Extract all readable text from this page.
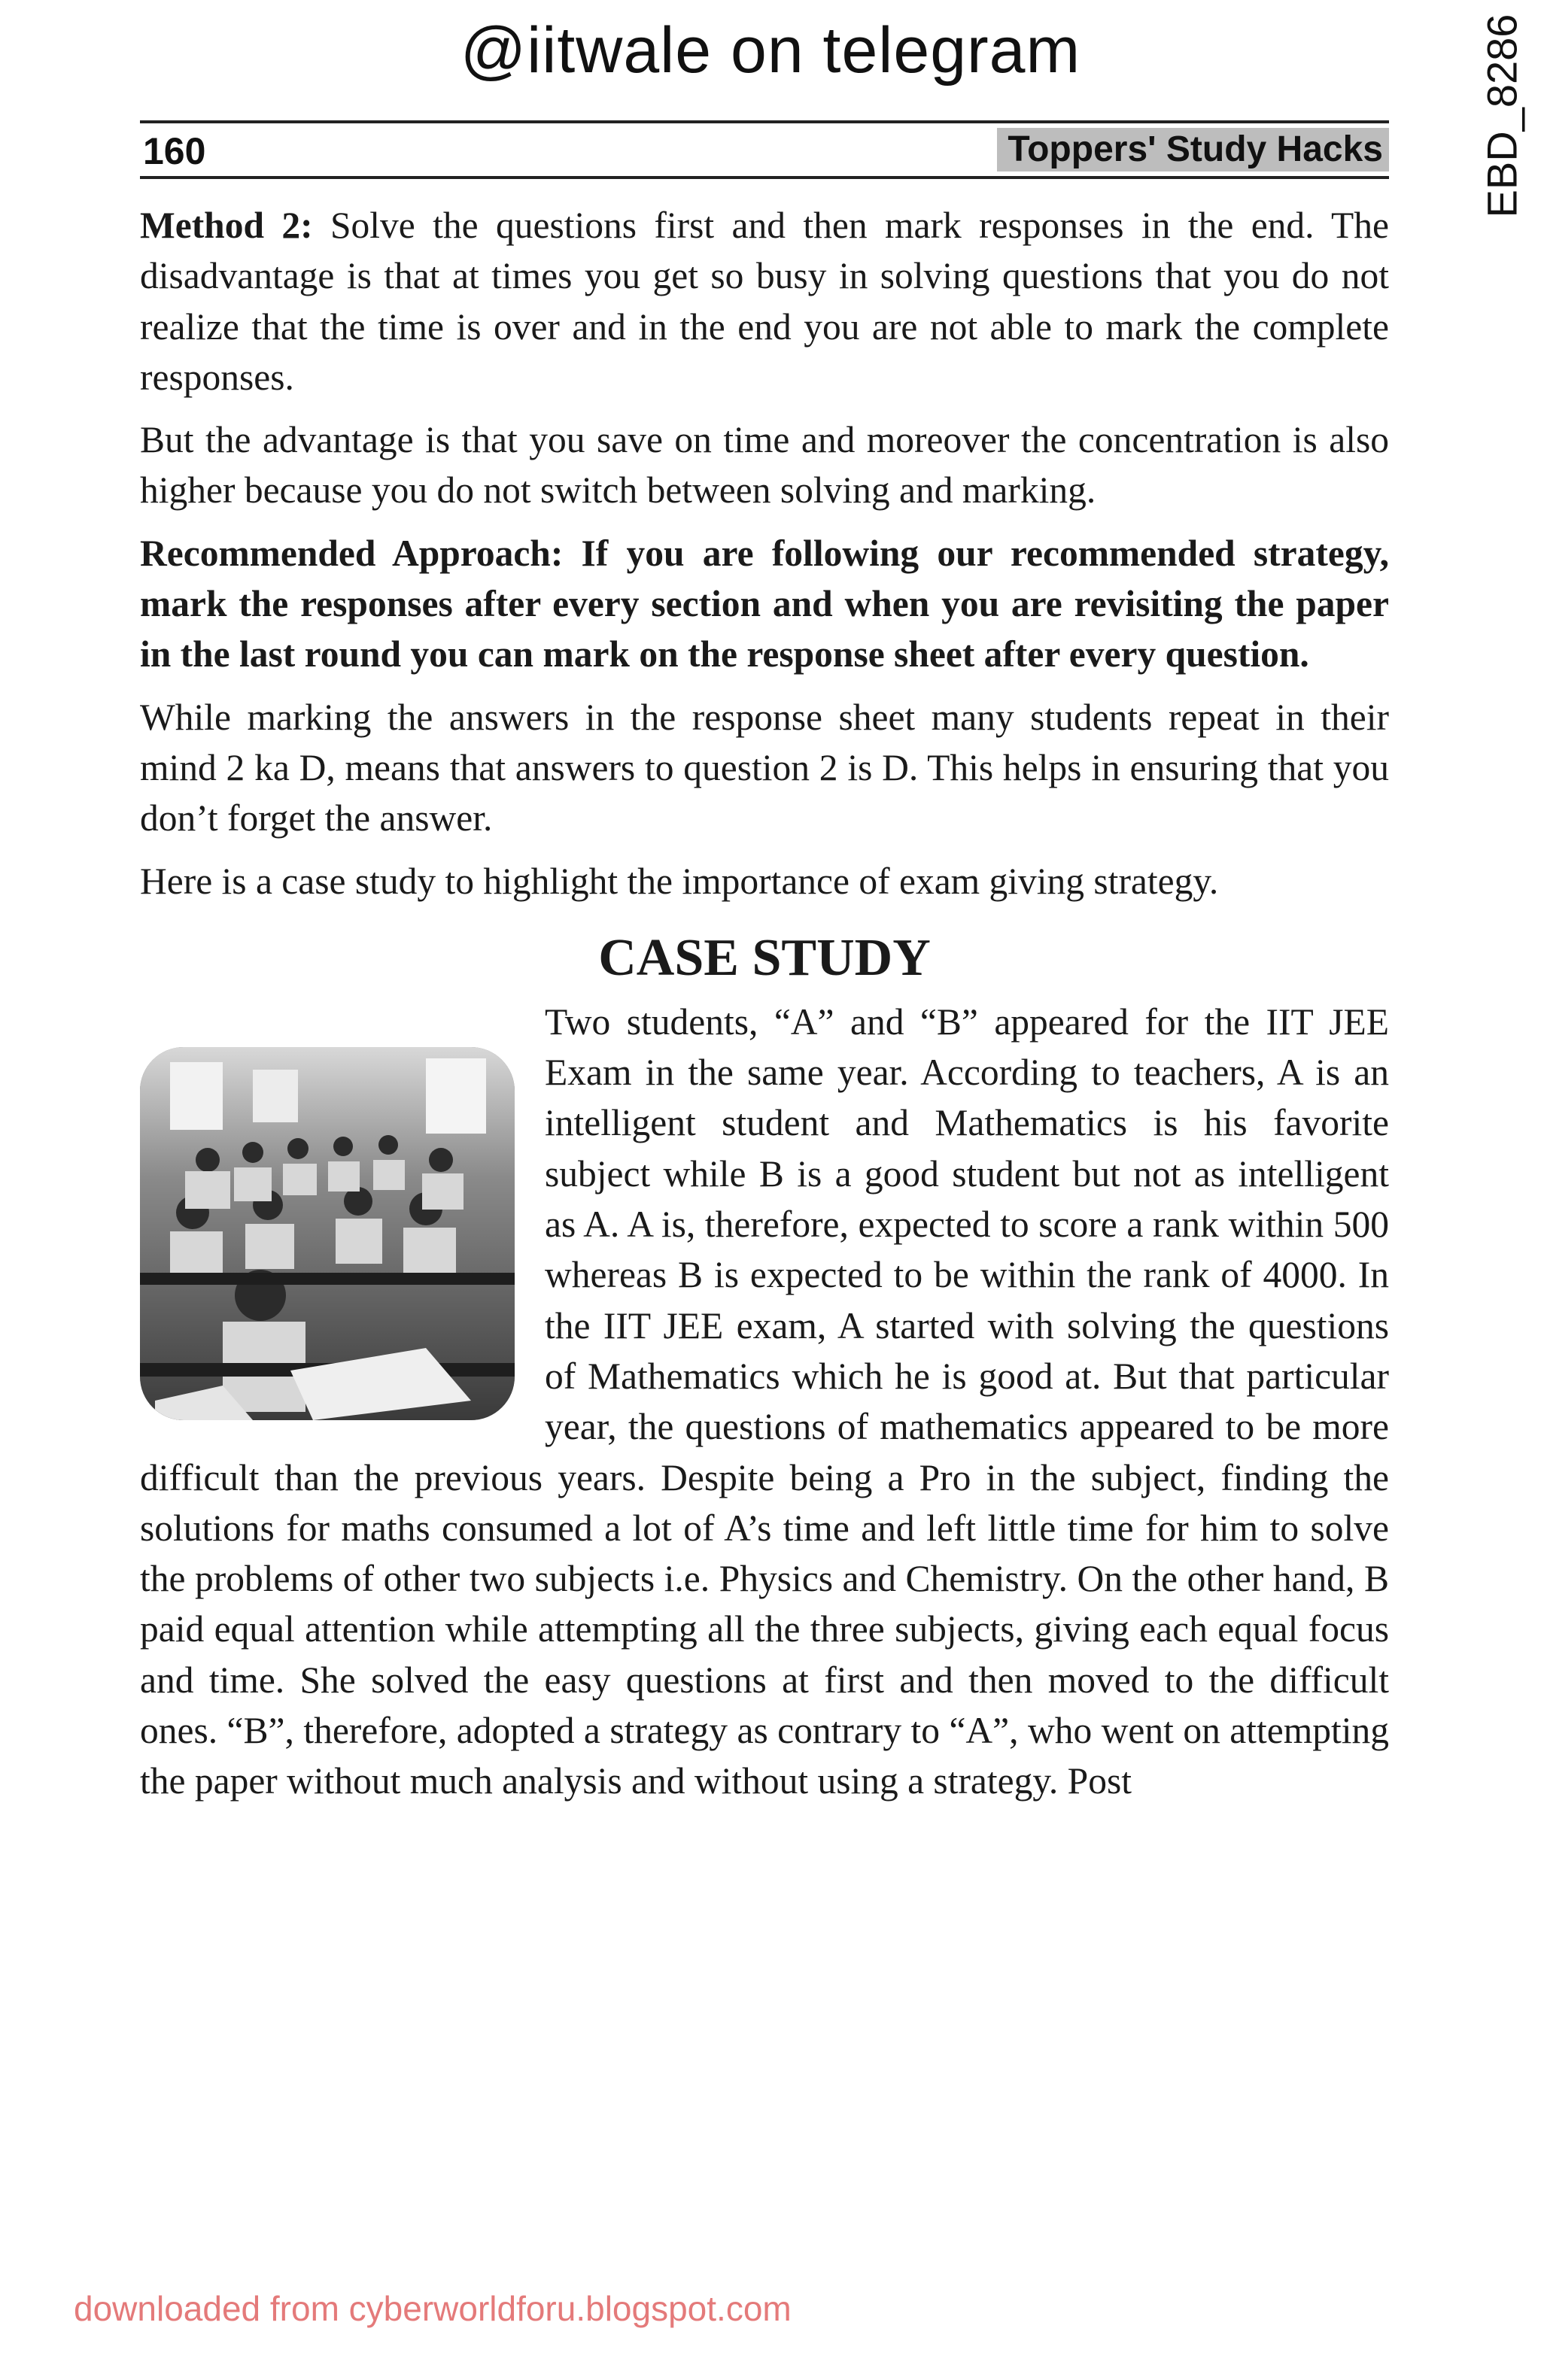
@iitwale on telegram	EBD_8286
160	Toppers' Study Hacks

Method 2: Solve the questions first and then mark responses in the end. The disadvantage is that at times you get so busy in solving questions that you do not realize that the time is over and in the end you are not able to mark the complete responses.

But the advantage is that you save on time and moreover the concentration is also higher because you do not switch between solving and marking.

Recommended Approach: If you are following our recommended strategy, mark the responses after every section and when you are revisiting the paper in the last round you can mark on the response sheet after every question.

While marking the answers in the response sheet many students repeat in their mind 2 ka D, means that answers to question 2 is D. This helps in ensuring that you don’t forget the answer.

Here is a case study to highlight the importance of exam giving strategy.

CASE STUDY

Two students, “A” and “B” appeared for the IIT JEE Exam in the same year. According to teachers, A is an intelligent student and Mathematics is his favorite subject while B is a good student but not as intelligent as A. A is, therefore, expected to score a rank within 500 whereas B is expected to be within the rank of 4000. In the IIT JEE exam, A started with solving the questions of Mathematics which he is good at. But that particular year, the questions of mathematics appeared to be more difficult than the previous years. Despite being a Pro in the subject, finding the solutions for maths consumed a lot of A’s time and left little time for him to solve the problems of other two subjects i.e. Physics and Chemistry. On the other hand, B paid equal attention while attempting all the three subjects, giving each equal focus and time. She solved the easy questions at first and then moved to the difficult ones. “B”, therefore, adopted a strategy as contrary to “A”, who went on attempting the paper without much analysis and without using a strategy. Post

downloaded from cyberworldforu.blogspot.com
